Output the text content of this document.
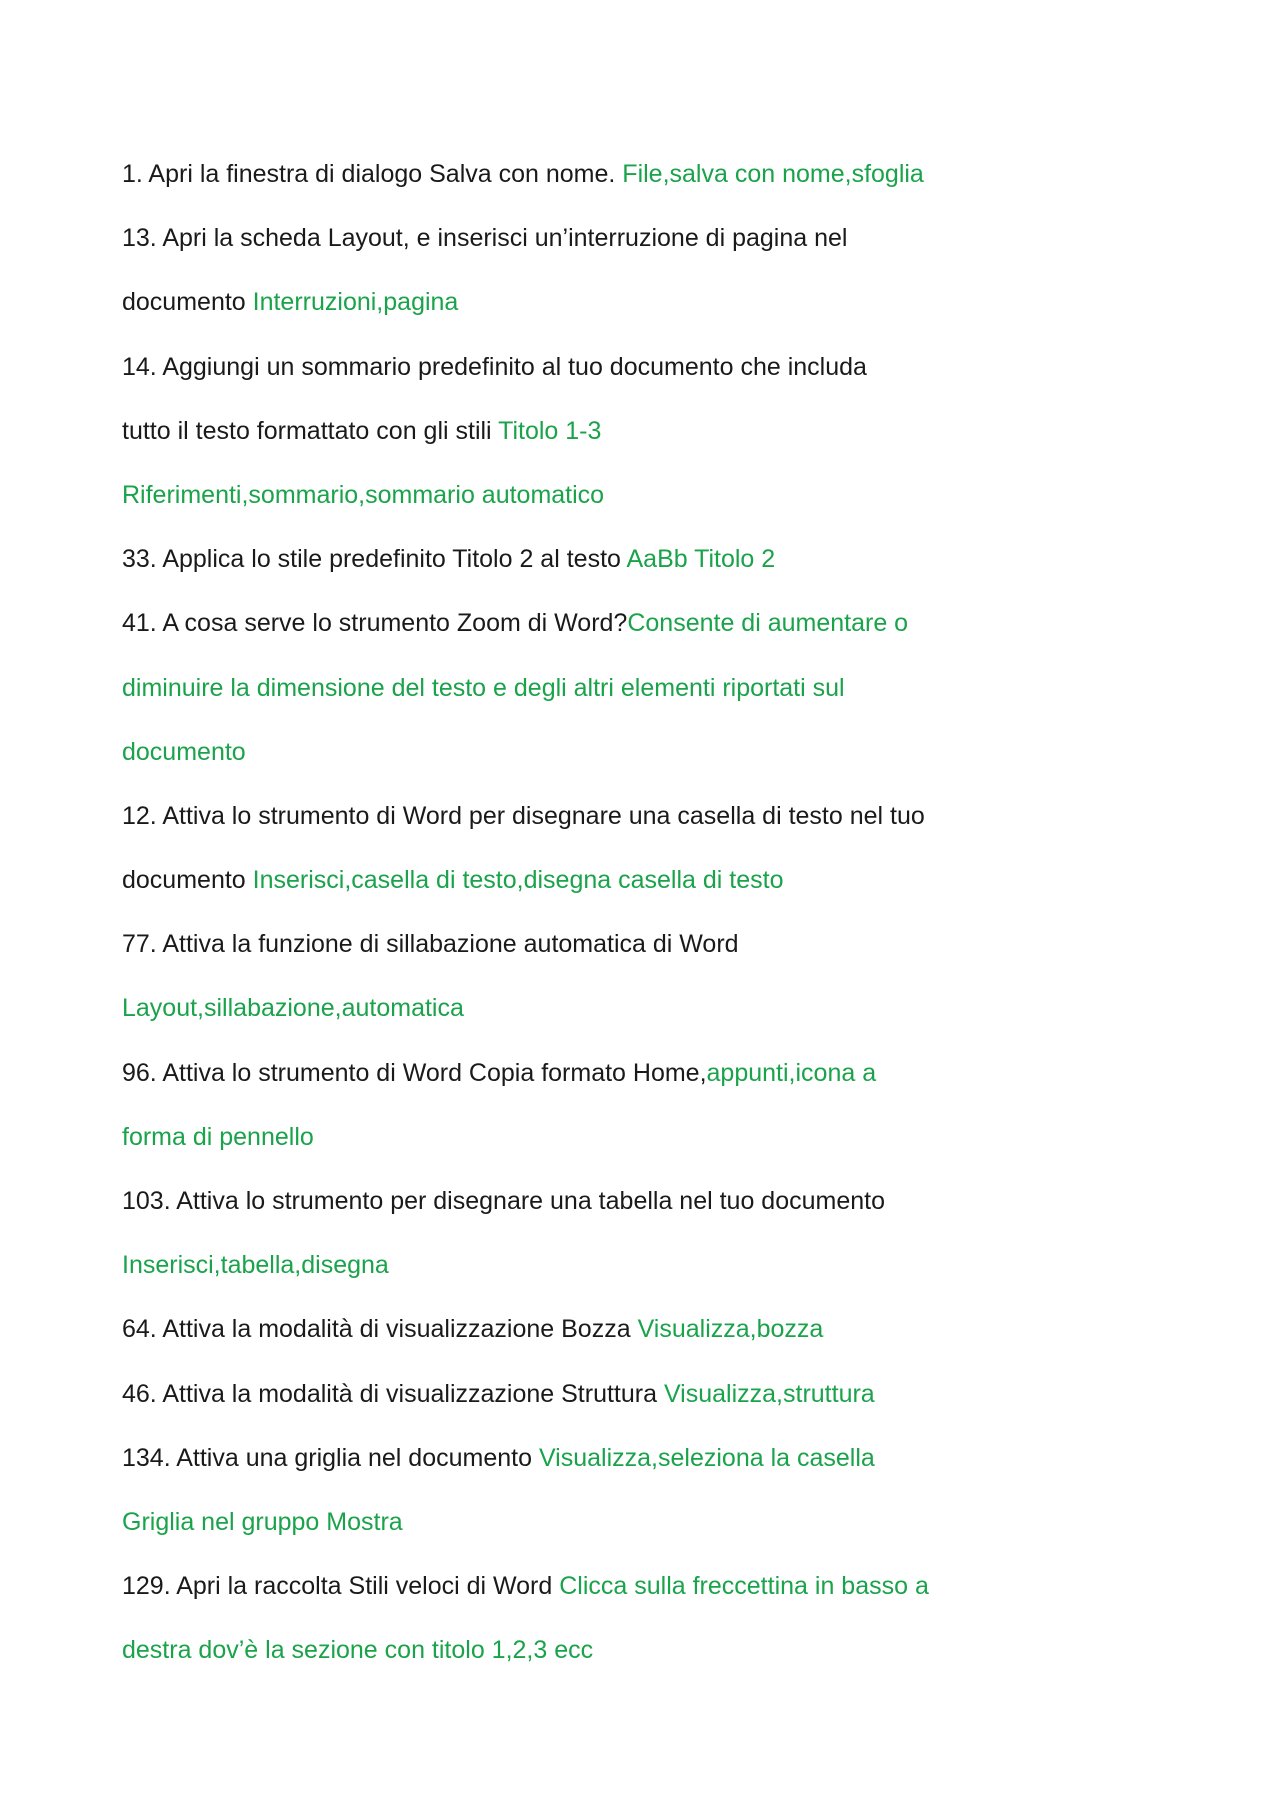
1. Apri la finestra di dialogo Salva con nome. File,salva con nome,sfoglia
13. Apri la scheda Layout, e inserisci un’interruzione di pagina nel
documento Interruzioni,pagina
14. Aggiungi un sommario predefinito al tuo documento che includa
tutto il testo formattato con gli stili Titolo 1-3
Riferimenti,sommario,sommario automatico
33. Applica lo stile predefinito Titolo 2 al testo AaBb Titolo 2
41. A cosa serve lo strumento Zoom di Word?Consente di aumentare o
diminuire la dimensione del testo e degli altri elementi riportati sul
documento
12. Attiva lo strumento di Word per disegnare una casella di testo nel tuo
documento Inserisci,casella di testo,disegna casella di testo
77. Attiva la funzione di sillabazione automatica di Word
Layout,sillabazione,automatica
96. Attiva lo strumento di Word Copia formato Home,appunti,icona a
forma di pennello
103. Attiva lo strumento per disegnare una tabella nel tuo documento
Inserisci,tabella,disegna
64. Attiva la modalità di visualizzazione Bozza Visualizza,bozza
46. Attiva la modalità di visualizzazione Struttura Visualizza,struttura
134. Attiva una griglia nel documento Visualizza,seleziona la casella
Griglia nel gruppo Mostra
129. Apri la raccolta Stili veloci di Word Clicca sulla freccettina in basso a
destra dov’è la sezione con titolo 1,2,3 ecc
